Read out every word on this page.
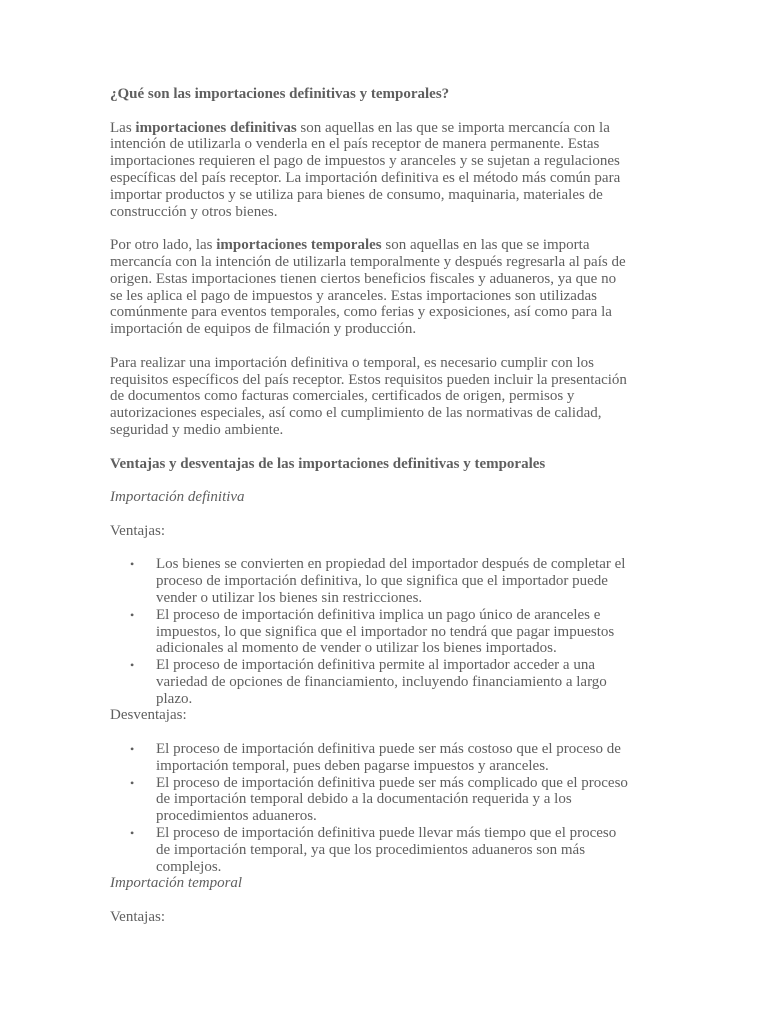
¿Qué son las importaciones definitivas y temporales?

Las importaciones definitivas son aquellas en las que se importa mercancía con la intención de utilizarla o venderla en el país receptor de manera permanente. Estas importaciones requieren el pago de impuestos y aranceles y se sujetan a regulaciones específicas del país receptor. La importación definitiva es el método más común para importar productos y se utiliza para bienes de consumo, maquinaria, materiales de construcción y otros bienes.

Por otro lado, las importaciones temporales son aquellas en las que se importa mercancía con la intención de utilizarla temporalmente y después regresarla al país de origen. Estas importaciones tienen ciertos beneficios fiscales y aduaneros, ya que no se les aplica el pago de impuestos y aranceles. Estas importaciones son utilizadas comúnmente para eventos temporales, como ferias y exposiciones, así como para la importación de equipos de filmación y producción.

Para realizar una importación definitiva o temporal, es necesario cumplir con los requisitos específicos del país receptor. Estos requisitos pueden incluir la presentación de documentos como facturas comerciales, certificados de origen, permisos y autorizaciones especiales, así como el cumplimiento de las normativas de calidad, seguridad y medio ambiente.

Ventajas y desventajas de las importaciones definitivas y temporales

Importación definitiva

Ventajas:

• Los bienes se convierten en propiedad del importador después de completar el proceso de importación definitiva, lo que significa que el importador puede vender o utilizar los bienes sin restricciones.
• El proceso de importación definitiva implica un pago único de aranceles e impuestos, lo que significa que el importador no tendrá que pagar impuestos adicionales al momento de vender o utilizar los bienes importados.
• El proceso de importación definitiva permite al importador acceder a una variedad de opciones de financiamiento, incluyendo financiamiento a largo plazo.

Desventajas:

• El proceso de importación definitiva puede ser más costoso que el proceso de importación temporal, pues deben pagarse impuestos y aranceles.
• El proceso de importación definitiva puede ser más complicado que el proceso de importación temporal debido a la documentación requerida y a los procedimientos aduaneros.
• El proceso de importación definitiva puede llevar más tiempo que el proceso de importación temporal, ya que los procedimientos aduaneros son más complejos.

Importación temporal

Ventajas:
